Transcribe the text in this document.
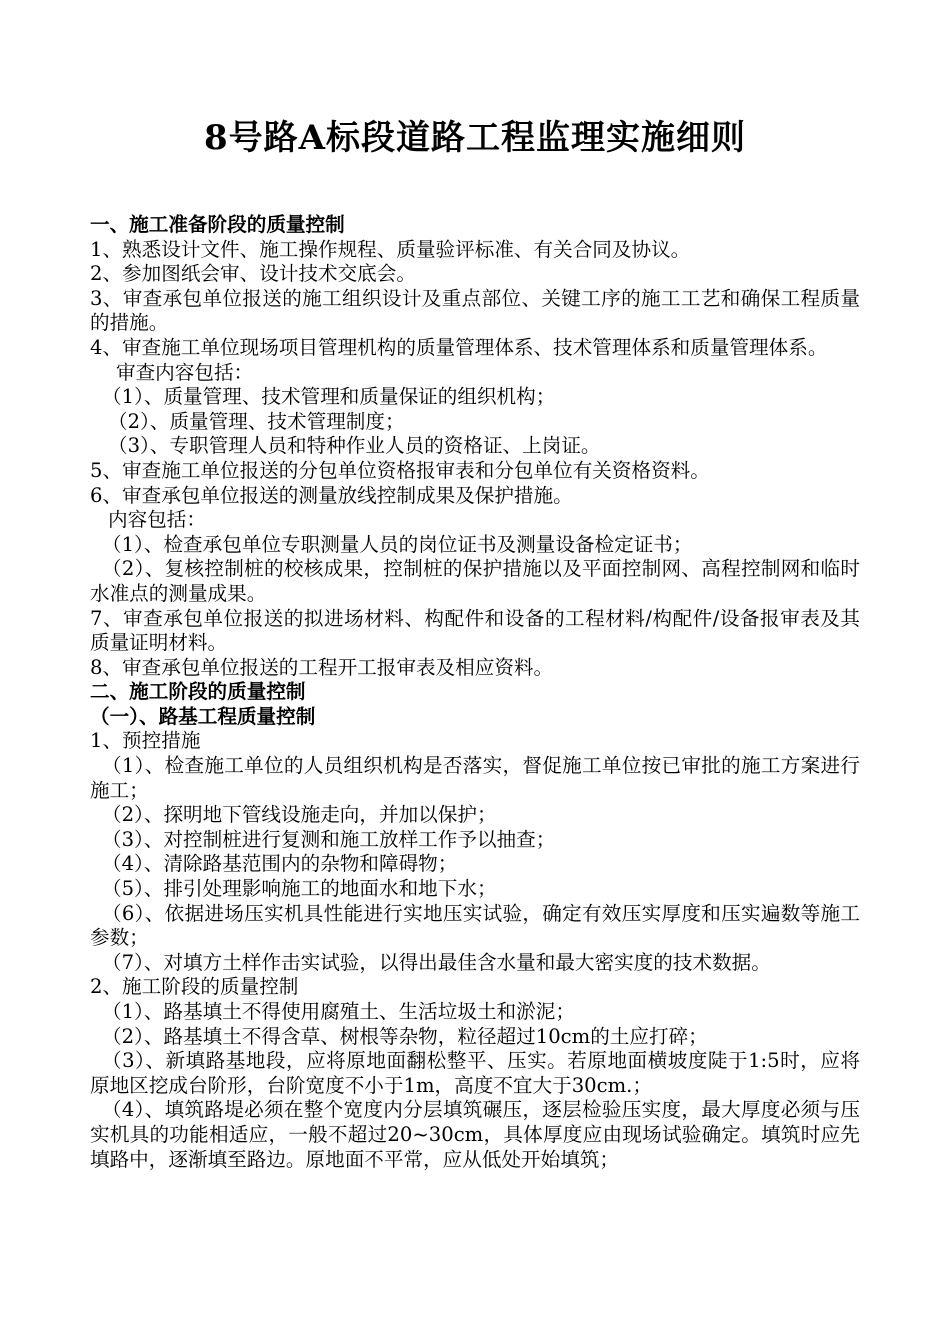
8号路A标段道路工程监理实施细则

一、施工准备阶段的质量控制

1、熟悉设计文件、施工操作规程、质量验评标准、有关合同及协议。

2、参加图纸会审、设计技术交底会。

3、审查承包单位报送的施工组织设计及重点部位、关键工序的施工工艺和确保工程质量的措施。

4、审查施工单位现场项目管理机构的质量管理体系、技术管理体系和质量管理体系。

审查内容包括：

（1）、质量管理、技术管理和质量保证的组织机构；

（2）、质量管理、技术管理制度；

（3）、专职管理人员和特种作业人员的资格证、上岗证。

5、审查施工单位报送的分包单位资格报审表和分包单位有关资格资料。

6、审查承包单位报送的测量放线控制成果及保护措施。

内容包括：

（1）、检查承包单位专职测量人员的岗位证书及测量设备检定证书；

（2）、复核控制桩的校核成果，控制桩的保护措施以及平面控制网、高程控制网和临时水准点的测量成果。

7、审查承包单位报送的拟进场材料、构配件和设备的工程材料/构配件/设备报审表及其质量证明材料。

8、审查承包单位报送的工程开工报审表及相应资料。

二、施工阶段的质量控制

（一）、路基工程质量控制

1、预控措施

（1）、检查施工单位的人员组织机构是否落实，督促施工单位按已审批的施工方案进行施工；

（2）、探明地下管线设施走向，并加以保护；

（3）、对控制桩进行复测和施工放样工作予以抽查；

（4）、清除路基范围内的杂物和障碍物；

（5）、排引处理影响施工的地面水和地下水；

（6）、依据进场压实机具性能进行实地压实试验，确定有效压实厚度和压实遍数等施工参数；

（7）、对填方土样作击实试验，以得出最佳含水量和最大密实度的技术数据。

2、施工阶段的质量控制

（1）、路基填土不得使用腐殖土、生活垃圾土和淤泥；

（2）、路基填土不得含草、树根等杂物，粒径超过10cm的土应打碎；

（3）、新填路基地段，应将原地面翻松整平、压实。若原地面横坡度陡于1:5时，应将原地区挖成台阶形，台阶宽度不小于1m，高度不宜大于30cm.；

（4）、填筑路堤必须在整个宽度内分层填筑碾压，逐层检验压实度，最大厚度必须与压实机具的功能相适应，一般不超过20~30cm，具体厚度应由现场试验确定。填筑时应先填路中，逐渐填至路边。原地面不平常，应从低处开始填筑；
